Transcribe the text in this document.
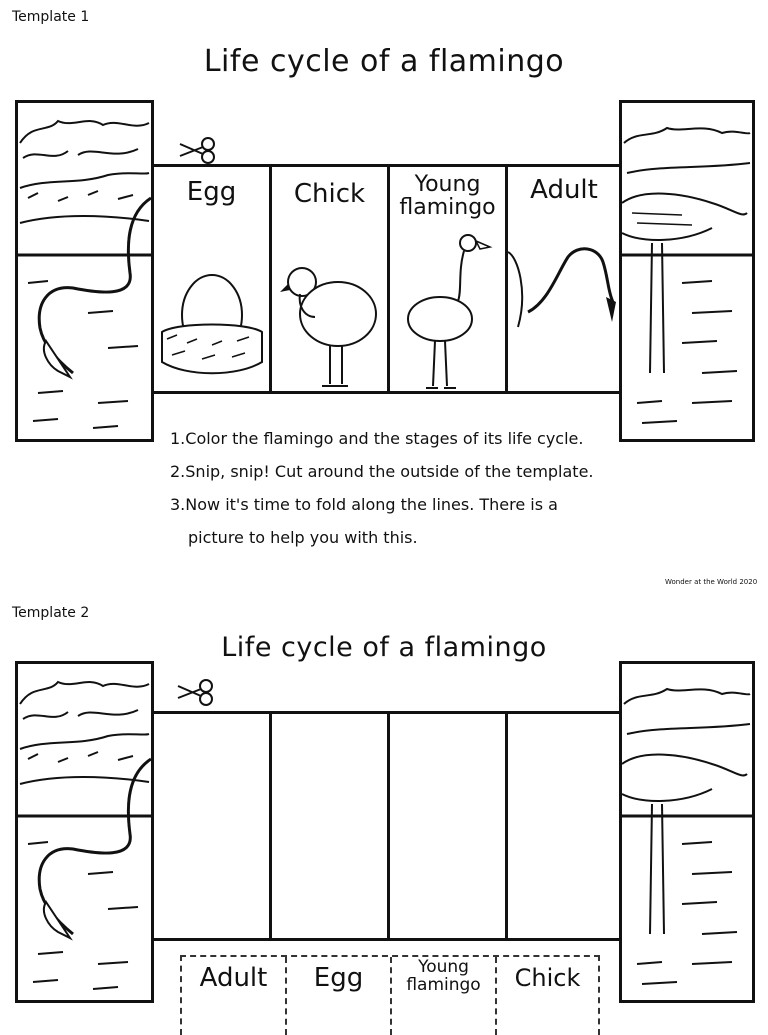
Template 1
Life cycle of a flamingo
Egg	Chick	Young flamingo
Adult
1.Color the flamingo and the stages of its life cycle.
2.Snip, snip! Cut around the outside of the template.
3.Now it's time to fold along the lines. There is a
picture to help you with this.
Wonder at the World 2020
Template 2
Life cycle of a flamingo
Adult	Egg	Young flamingo	Chick
